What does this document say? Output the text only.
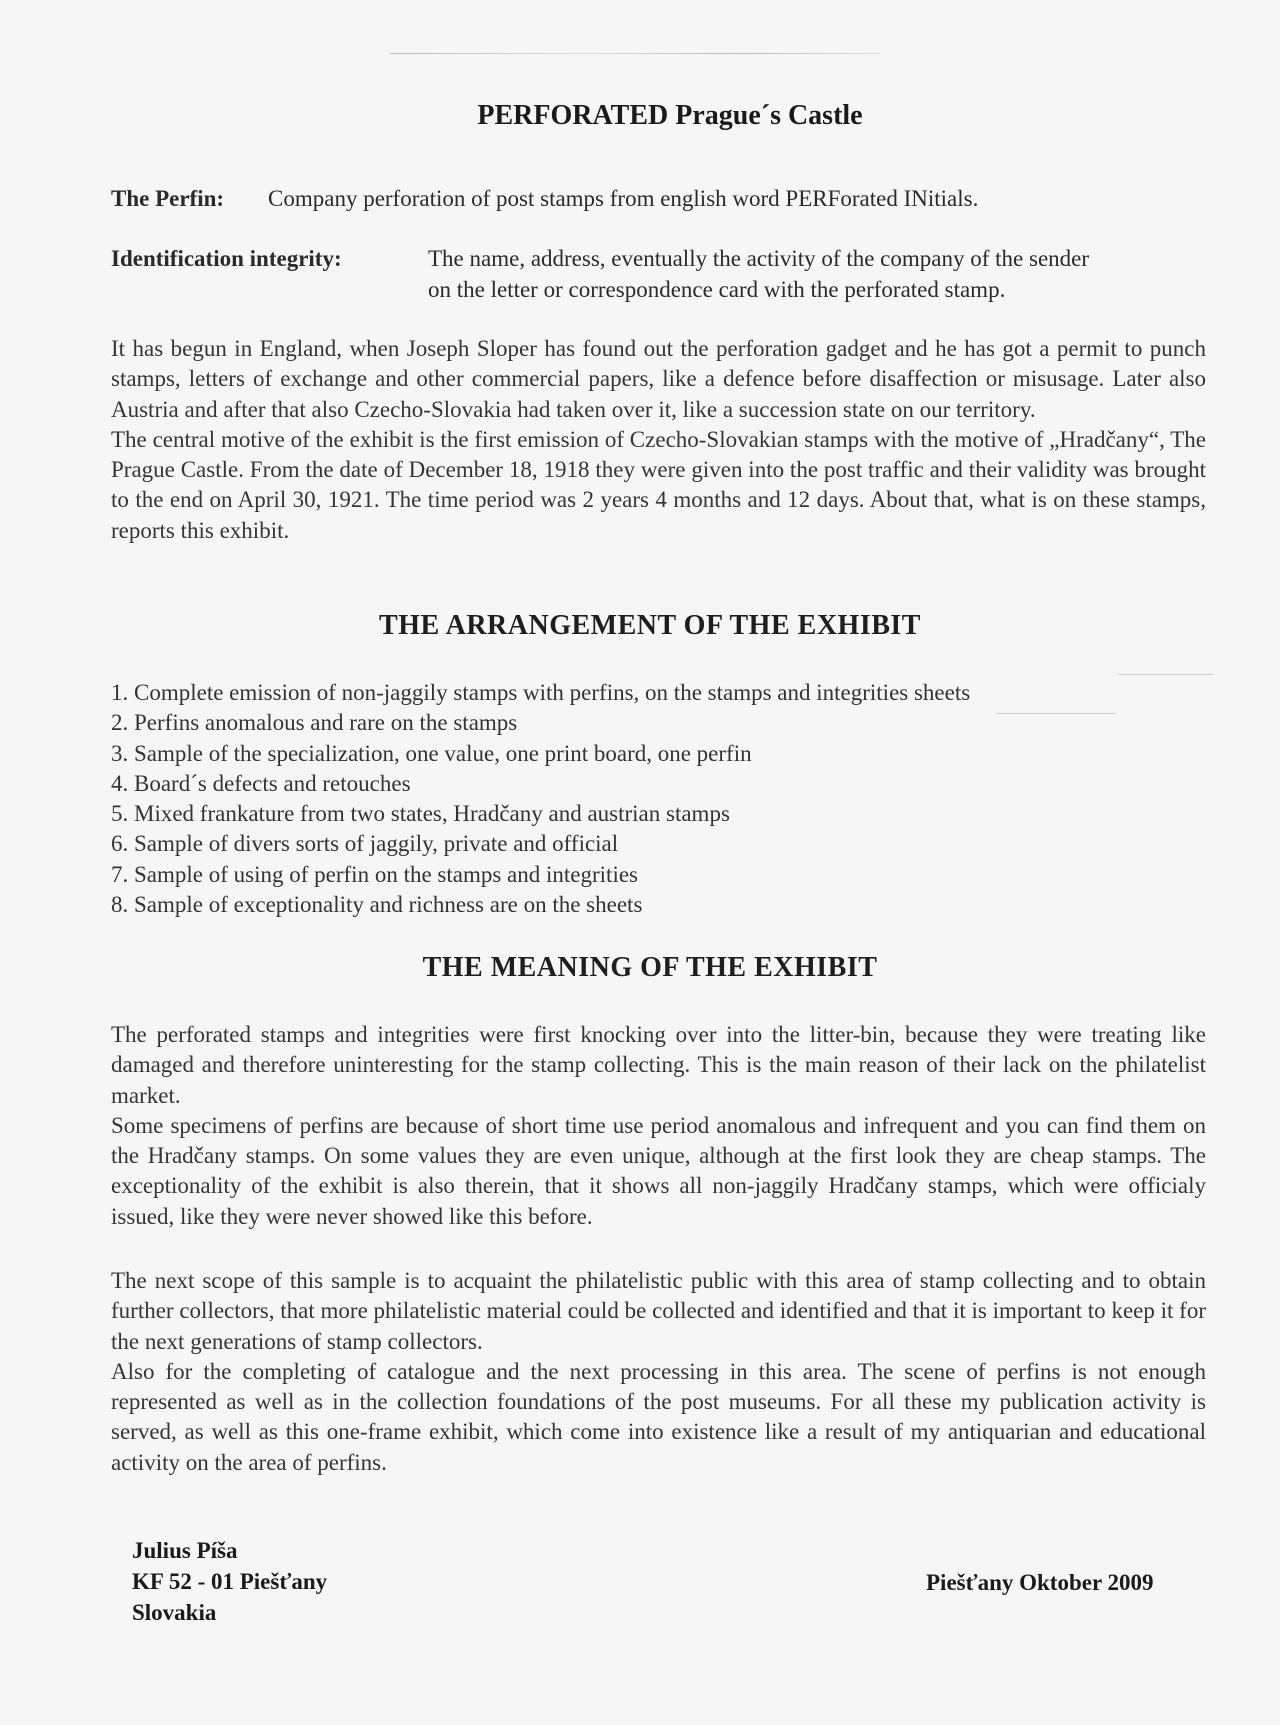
PERFORATED Prague´s Castle
The Perfin: Company perforation of post stamps from english word PERForated INitials.
Identification integrity:	The name, address, eventually the activity of the company of the sender
on the letter or correspondence card with the perforated stamp.

It has begun in England, when Joseph Sloper has found out the perforation gadget and he has got a permit to punch stamps, letters of exchange and other commercial papers, like a defence before disaffection or misusage. Later also Austria and after that also Czecho-Slovakia had taken over it, like a succession state on our territory.

The central motive of the exhibit is the first emission of Czecho-Slovakian stamps with the motive of „Hradčany“, The Prague Castle. From the date of December 18, 1918 they were given into the post traffic and their validity was brought to the end on April 30, 1921. The time period was 2 years 4 months and 12 days. About that, what is on these stamps, reports this exhibit.

THE ARRANGEMENT OF THE EXHIBIT
1. Complete emission of non-jaggily stamps with perfins, on the stamps and integrities sheets
2. Perfins anomalous and rare on the stamps
3. Sample of the specialization, one value, one print board, one perfin
4. Board´s defects and retouches
5. Mixed frankature from two states, Hradčany and austrian stamps
6. Sample of divers sorts of jaggily, private and official
7. Sample of using of perfin on the stamps and integrities
8. Sample of exceptionality and richness are on the sheets
THE MEANING OF THE EXHIBIT

The perforated stamps and integrities were first knocking over into the litter-bin, because they were treating like damaged and therefore uninteresting for the stamp collecting. This is the main reason of their lack on the philatelist market.

Some specimens of perfins are because of short time use period anomalous and infrequent and you can find them on the Hradčany stamps. On some values they are even unique, although at the first look they are cheap stamps. The exceptionality of the exhibit is also therein, that it shows all non-jaggily Hradčany stamps, which were officialy issued, like they were never showed like this before.

The next scope of this sample is to acquaint the philatelistic public with this area of stamp collecting and to obtain further collectors, that more philatelistic material could be collected and identified and that it is important to keep it for the next generations of stamp collectors.

Also for the completing of catalogue and the next processing in this area. The scene of perfins is not enough represented as well as in the collection foundations of the post museums. For all these my publication activity is served, as well as this one-frame exhibit, which come into existence like a result of my antiquarian and educational activity on the area of perfins.

Julius Píša
KF 52 - 01 Piešťany
Slovakia
Piešťany Oktober 2009
